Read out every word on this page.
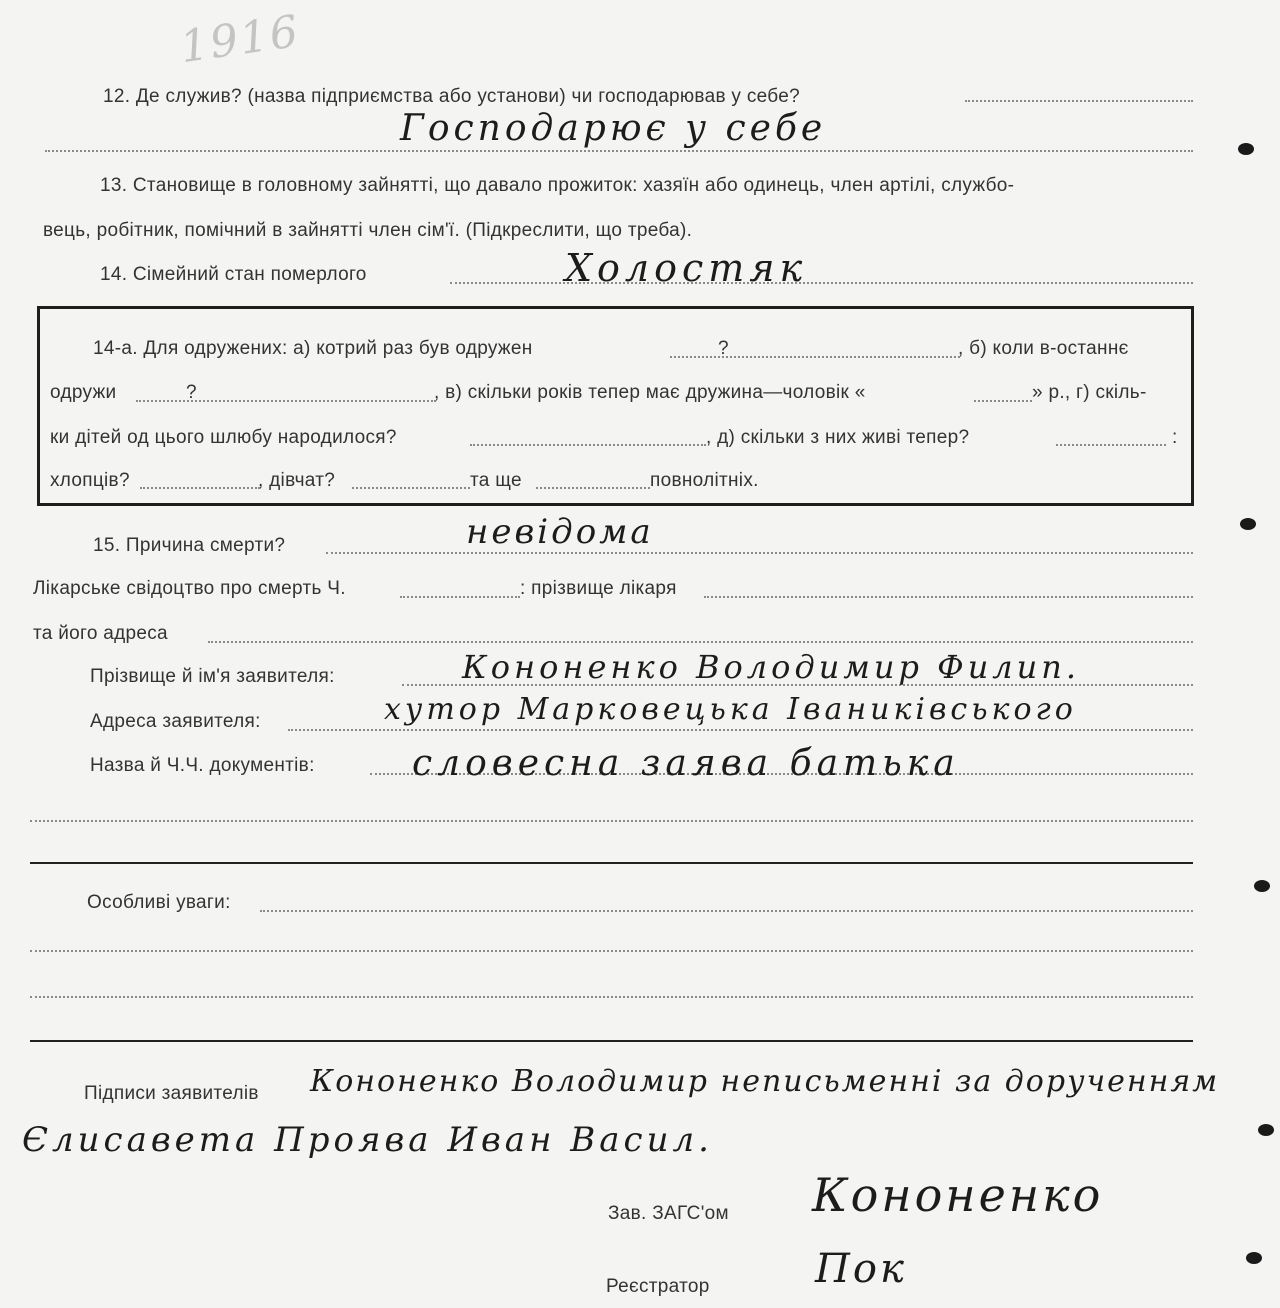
1916
12. Де служив? (назва підприємства або установи) чи господарював у себе?
Господарює у себе
13. Становище в головному зайнятті, що давало прожиток: хазяїн або одинець, член артілі, службо-
вець, робітник, помічний в зайнятті член сім'ї. (Підкреслити, що треба).
14. Сімейний стан померлого	Холостяк
14-а. Для одружених: а) котрий раз був одружен	?	, б) коли в-останнє
одружи	?	, в) скільки років тепер має дружина—чоловік «	» р., г) скіль-
ки дітей од цього шлюбу народилося?	, д) скільки з них живі тепер?	:
хлопців?	, дівчат?	та ще	повнолітніх.
15. Причина смерти?	невідома
Лікарське свідоцтво про смерть Ч.	: прізвище лікаря
та його адреса
Прізвище й ім'я заявителя:	Кононенко Володимир Филип.
Адреса заявителя:	хутор Марковецька Іваниківського
Назва й Ч.Ч. документів:	словесна заява батька
Особливі уваги:
Підписи заявителів Кононенко Володимир неписьменні за дорученням
Єлисавета Проява Иван Васил.
Зав. ЗАГС'ом Кононенко
Реєстратор	Пок
